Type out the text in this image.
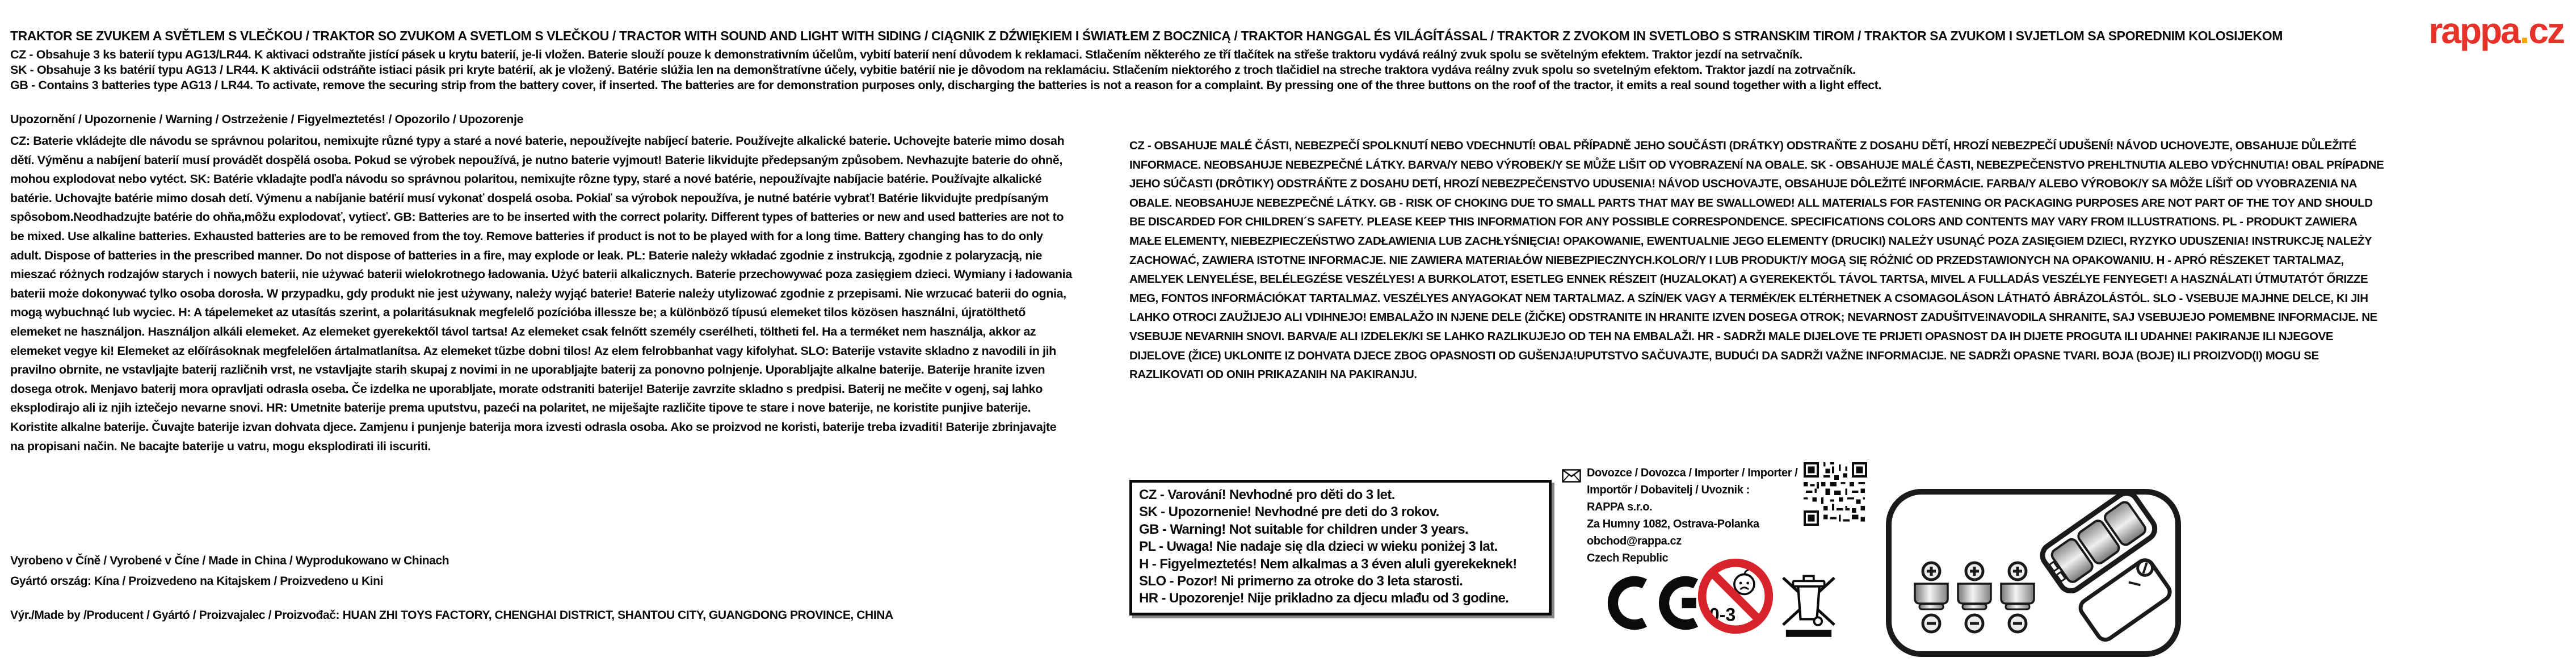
TRAKTOR SE ZVUKEM A SVĚTLEM S VLEČKOU / TRAKTOR SO ZVUKOM A SVETLOM S VLEČKOU / TRACTOR WITH SOUND AND LIGHT WITH SIDING / CIĄGNIK Z DŹWIĘKIEM I ŚWIATŁEM Z BOCZNICĄ / TRAKTOR HANGGAL ÉS VILÁGÍTÁSSAL / TRAKTOR Z ZVOKOM IN SVETLOBO S STRANSKIM TIROM / TRAKTOR SA ZVUKOM I SVJETLOM SA SPOREDNIM KOLOSIJEKOM
CZ - Obsahuje 3 ks baterií typu AG13/LR44. K aktivaci odstraňte jistící pásek u krytu baterií, je-li vložen. Baterie slouží pouze k demonstrativním účelům, vybití baterií není důvodem k reklamaci. Stlačením některého ze tří tlačítek na střeše traktoru vydává reálný zvuk spolu se světelným efektem. Traktor jezdí na setrvačník.
SK - Obsahuje 3 ks batérií typu AG13 / LR44. K aktivácii odstráňte istiaci pásik pri kryte batérií, ak je vložený. Batérie slúžia len na demonštratívne účely, vybitie batérií nie je dôvodom na reklamáciu. Stlačením niektorého z troch tlačidiel na streche traktora vydáva reálny zvuk spolu so svetelným efektom. Traktor jazdí na zotrvačník.
GB - Contains 3 batteries type AG13 / LR44. To activate, remove the securing strip from the battery cover, if inserted. The batteries are for demonstration purposes only, discharging the batteries is not a reason for a complaint. By pressing one of the three buttons on the roof of the tractor, it emits a real sound together with a light effect.
rappa.cz
Upozornění / Upozornenie / Warning / Ostrzeżenie / Figyelmeztetés! / Opozorilo / Upozorenje
CZ: Baterie vkládejte dle návodu se správnou polaritou, nemixujte různé typy a staré a nové baterie, nepoužívejte nabíjecí baterie. Používejte alkalické baterie. Uchovejte baterie mimo dosah dětí. Výměnu a nabíjení baterií musí provádět dospělá osoba. Pokud se výrobek nepoužívá, je nutno baterie vyjmout! Baterie likvidujte předepsaným způsobem. Nevhazujte baterie do ohně, mohou explodovat nebo vytéct. SK: Batérie vkladajte podľa návodu so správnou polaritou, nemixujte rôzne typy, staré a nové batérie, nepoužívajte nabíjacie batérie. Používajte alkalické batérie. Uchovajte batérie mimo dosah detí. Výmenu a nabíjanie batérií musí vykonať dospelá osoba. Pokiaľ sa výrobok nepoužíva, je nutné batérie vybrať! Batérie likvidujte predpísaným spôsobom.Neodhadzujte batérie do ohňa,môžu explodovať, vytiecť. GB: Batteries are to be inserted with the correct polarity. Different types of batteries or new and used batteries are not to be mixed. Use alkaline batteries. Exhausted batteries are to be removed from the toy. Remove batteries if product is not to be played with for a long time. Battery changing has to do only adult. Dispose of batteries in the prescribed manner. Do not dispose of batteries in a fire, may explode or leak. PL: Baterie należy wkładać zgodnie z instrukcją, zgodnie z polaryzacją, nie mieszać różnych rodzajów starych i nowych baterii, nie używać baterii wielokrotnego ładowania. Użyć baterii alkalicznych. Baterie przechowywać poza zasięgiem dzieci. Wymiany i ładowania baterii może dokonywać tylko osoba dorosła. W przypadku, gdy produkt nie jest używany, należy wyjąć baterie! Baterie należy utylizować zgodnie z przepisami. Nie wrzucać baterii do ognia, mogą wybuchnąć lub wyciec. H: A tápelemeket az utasítás szerint, a polaritásuknak megfelelő pozícióba illessze be; a különböző típusú elemeket tilos közösen használni, újratölthető elemeket ne használjon. Használjon alkáli elemeket. Az elemeket gyerekektől távol tartsa! Az elemeket csak felnőtt személy cserélheti, töltheti fel. Ha a terméket nem használja, akkor az elemeket vegye ki! Elemeket az előírásoknak megfelelően ártalmatlanítsa. Az elemeket tűzbe dobni tilos! Az elem felrobbanhat vagy kifolyhat. SLO: Baterije vstavite skladno z navodili in jih pravilno obrnite, ne vstavljajte baterij različnih vrst, ne vstavljajte starih skupaj z novimi in ne uporabljajte baterij za ponovno polnjenje. Uporabljajte alkalne baterije. Baterije hranite izven dosega otrok. Menjavo baterij mora opravljati odrasla oseba. Če izdelka ne uporabljate, morate odstraniti baterije! Baterije zavrzite skladno s predpisi. Baterij ne mečite v ogenj, saj lahko eksplodirajo ali iz njih iztečejo nevarne snovi. HR: Umetnite baterije prema uputstvu, pazeći na polaritet, ne miješajte različite tipove te stare i nove baterije, ne koristite punjive baterije. Koristite alkalne baterije. Čuvajte baterije izvan dohvata djece. Zamjenu i punjenje baterija mora izvesti odrasla osoba. Ako se proizvod ne koristi, baterije treba izvaditi! Baterije zbrinjavajte na propisani način. Ne bacajte baterije u vatru, mogu eksplodirati ili iscuriti.
CZ - OBSAHUJE MALÉ ČÁSTI, NEBEZPEČÍ SPOLKNUTÍ NEBO VDECHNUTÍ! OBAL PŘÍPADNĚ JEHO SOUČÁSTI (DRÁTKY) ODSTRAŇTE Z DOSAHU DĚTÍ, HROZÍ NEBEZPEČÍ UDUŠENÍ! NÁVOD UCHOVEJTE, OBSAHUJE DŮLEŽITÉ INFORMACE. NEOBSAHUJE NEBEZPEČNÉ LÁTKY. BARVA/Y NEBO VÝROBEK/Y SE MŮŽE LIŠIT OD VYOBRAZENÍ NA OBALE. SK - OBSAHUJE MALÉ ČASTI, NEBEZPEČENSTVO PREHLTNUTIA ALEBO VDÝCHNUTIA! OBAL PRÍPADNE JEHO SÚČASTI (DRÔTIKY) ODSTRÁŇTE Z DOSAHU DETÍ, HROZÍ NEBEZPEČENSTVO UDUSENIA! NÁVOD USCHOVAJTE, OBSAHUJE DÔLEŽITÉ INFORMÁCIE. FARBA/Y ALEBO VÝROBOK/Y SA MÔŽE LÍŠIŤ OD VYOBRAZENIA NA OBALE. NEOBSAHUJE NEBEZPEČNÉ LÁTKY. GB - RISK OF CHOKING DUE TO SMALL PARTS THAT MAY BE SWALLOWED! ALL MATERIALS FOR FASTENING OR PACKAGING PURPOSES ARE NOT PART OF THE TOY AND SHOULD BE DISCARDED FOR CHILDREN´S SAFETY. PLEASE KEEP THIS INFORMATION FOR ANY POSSIBLE CORRESPONDENCE. SPECIFICATIONS COLORS AND CONTENTS MAY VARY FROM ILLUSTRATIONS. PL - PRODUKT ZAWIERA MAŁE ELEMENTY, NIEBEZPIECZEŃSTWO ZADŁAWIENIA LUB ZACHŁYŚNIĘCIA! OPAKOWANIE, EWENTUALNIE JEGO ELEMENTY (DRUCIKI) NALEŻY USUNĄĆ POZA ZASIĘGIEM DZIECI, RYZYKO UDUSZENIA! INSTRUKCJĘ NALEŻY ZACHOWAĆ, ZAWIERA ISTOTNE INFORMACJE. NIE ZAWIERA MATERIAŁÓW NIEBEZPIECZNYCH.KOLOR/Y I LUB PRODUKT/Y MOGĄ SIĘ RÓŻNIĆ OD PRZEDSTAWIONYCH NA OPAKOWANIU. H - APRÓ RÉSZEKET TARTALMAZ, AMELYEK LENYELÉSE, BELÉLEGZÉSE VESZÉLYES! A BURKOLATOT, ESETLEG ENNEK RÉSZEIT (HUZALOKAT) A GYEREKEKTŐL TÁVOL TARTSA, MIVEL A FULLADÁS VESZÉLYE FENYEGET! A HASZNÁLATI ÚTMUTATÓT ŐRIZZE MEG, FONTOS INFORMÁCIÓKAT TARTALMAZ. VESZÉLYES ANYAGOKAT NEM TARTALMAZ. A SZÍN/EK VAGY A TERMÉK/EK ELTÉRHETNEK A CSOMAGOLÁSON LÁTHATÓ ÁBRÁZOLÁSTÓL. SLO - VSEBUJE MAJHNE DELCE, KI JIH LAHKO OTROCI ZAUŽIJEJO ALI VDIHNEJO! EMBALAŽO IN NJENE DELE (ŽIČKE) ODSTRANITE IN HRANITE IZVEN DOSEGA OTROK; NEVARNOST ZADUŠITVE!NAVODILA SHRANITE, SAJ VSEBUJEJO POMEMBNE INFORMACIJE. NE VSEBUJE NEVARNIH SNOVI. BARVA/E ALI IZDELEK/KI SE LAHKO RAZLIKUJEJO OD TEH NA EMBALAŽI. HR - SADRŽI MALE DIJELOVE TE PRIJETI OPASNOST DA IH DIJETE PROGUTA ILI UDAHNE! PAKIRANJE ILI NJEGOVE DIJELOVE (ŽICE) UKLONITE IZ DOHVATA DJECE ZBOG OPASNOSTI OD GUŠENJA!UPUTSTVO SAČUVAJTE, BUDUĆI DA SADRŽI VAŽNE INFORMACIJE. NE SADRŽI OPASNE TVARI. BOJA (BOJE) ILI PROIZVOD(I) MOGU SE RAZLIKOVATI OD ONIH PRIKAZANIH NA PAKIRANJU.
Vyrobeno v Číně / Vyrobené v Číne / Made in China / Wyprodukowano w Chinach
Gyártó ország: Kína / Proizvedeno na Kitajskem / Proizvedeno u Kini
Výr./Made by /Producent / Gyártó / Proizvajalec / Proizvođač: HUAN ZHI TOYS FACTORY, CHENGHAI DISTRICT, SHANTOU CITY, GUANGDONG PROVINCE, CHINA
CZ - Varování! Nevhodné pro děti do 3 let.
SK - Upozornenie! Nevhodné pre deti do 3 rokov.
GB - Warning! Not suitable for children under 3 years.
PL - Uwaga! Nie nadaje się dla dzieci w wieku poniżej 3 lat.
H - Figyelmeztetés! Nem alkalmas a 3 éven aluli gyerekeknek!
SLO - Pozor! Ni primerno za otroke do 3 leta starosti.
HR - Upozorenje! Nije prikladno za djecu mlađu od 3 godine.
Dovozce / Dovozca / Importer / Importer /
Importőr / Dobavitelj / Uvoznik :
RAPPA s.r.o.
Za Humny 1082, Ostrava-Polanka
obchod@rappa.cz
Czech Republic
0-3
